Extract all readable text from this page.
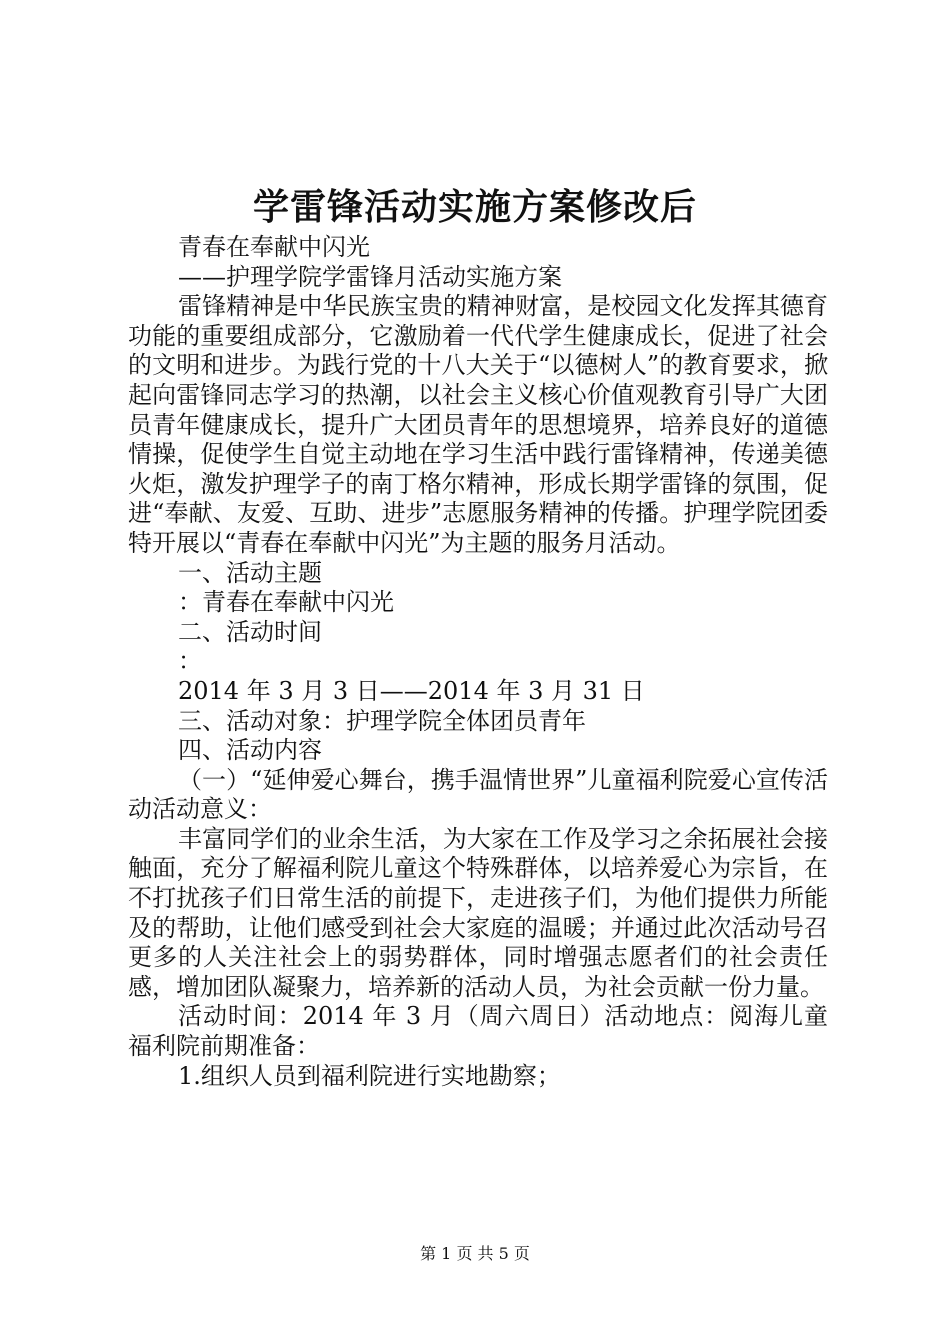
学雷锋活动实施方案修改后

青春在奉献中闪光

——护理学院学雷锋月活动实施方案

雷锋精神是中华民族宝贵的精神财富，是校园文化发挥其德育功能的重要组成部分，它激励着一代代学生健康成长，促进了社会的文明和进步。为践行党的十八大关于“以德树人”的教育要求，掀起向雷锋同志学习的热潮，以社会主义核心价值观教育引导广大团员青年健康成长，提升广大团员青年的思想境界，培养良好的道德情操，促使学生自觉主动地在学习生活中践行雷锋精神，传递美德火炬，激发护理学子的南丁格尔精神，形成长期学雷锋的氛围，促进“奉献、友爱、互助、进步”志愿服务精神的传播。护理学院团委特开展以“青春在奉献中闪光”为主题的服务月活动。

一、活动主题

：青春在奉献中闪光

二、活动时间

：

2014 年 3 月 3 日——2014 年 3 月 31 日

三、活动对象：护理学院全体团员青年

四、活动内容

（一）“延伸爱心舞台，携手温情世界”儿童福利院爱心宣传活动活动意义：

丰富同学们的业余生活，为大家在工作及学习之余拓展社会接触面，充分了解福利院儿童这个特殊群体，以培养爱心为宗旨，在不打扰孩子们日常生活的前提下，走进孩子们，为他们提供力所能及的帮助，让他们感受到社会大家庭的温暖；并通过此次活动号召更多的人关注社会上的弱势群体，同时增强志愿者们的社会责任感，增加团队凝聚力，培养新的活动人员，为社会贡献一份力量。

活动时间：2014 年 3 月（周六周日）活动地点：阅海儿童福利院前期准备：

1.组织人员到福利院进行实地勘察；

第 1 页 共 5 页
